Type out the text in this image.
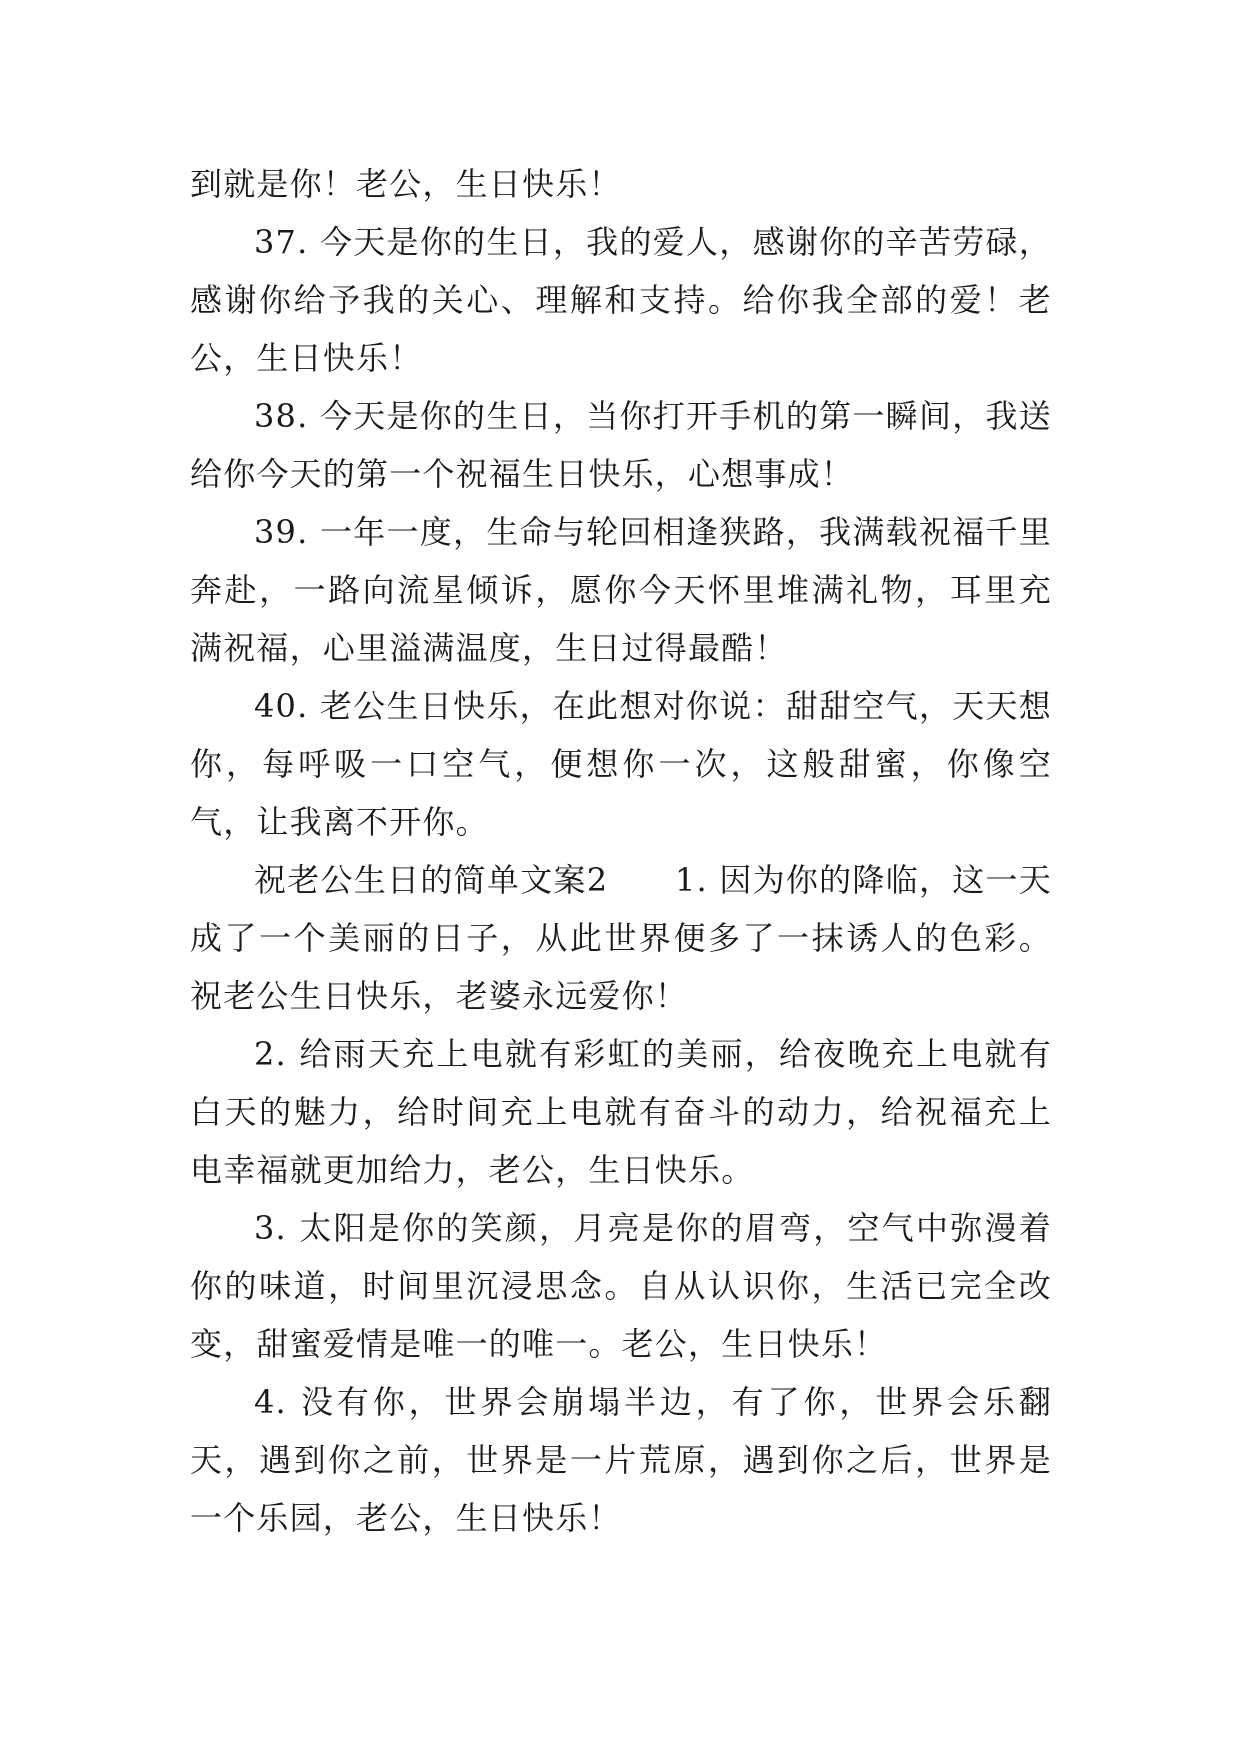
到就是你！老公，生日快乐！

37. 今天是你的生日，我的爱人，感谢你的辛苦劳碌，感谢你给予我的关心、理解和支持。给你我全部的爱！老公，生日快乐！

38. 今天是你的生日，当你打开手机的第一瞬间，我送给你今天的第一个祝福生日快乐，心想事成！

39. 一年一度，生命与轮回相逢狭路，我满载祝福千里奔赴，一路向流星倾诉，愿你今天怀里堆满礼物，耳里充满祝福，心里溢满温度，生日过得最酷！

40. 老公生日快乐，在此想对你说：甜甜空气，天天想你，每呼吸一口空气，便想你一次，这般甜蜜，你像空气，让我离不开你。

祝老公生日的简单文案2　　1. 因为你的降临，这一天成了一个美丽的日子，从此世界便多了一抹诱人的色彩。祝老公生日快乐，老婆永远爱你！

2. 给雨天充上电就有彩虹的美丽，给夜晚充上电就有白天的魅力，给时间充上电就有奋斗的动力，给祝福充上电幸福就更加给力，老公，生日快乐。

3. 太阳是你的笑颜，月亮是你的眉弯，空气中弥漫着你的味道，时间里沉浸思念。自从认识你，生活已完全改变，甜蜜爱情是唯一的唯一。老公，生日快乐！

4. 没有你，世界会崩塌半边，有了你，世界会乐翻天，遇到你之前，世界是一片荒原，遇到你之后，世界是一个乐园，老公，生日快乐！
